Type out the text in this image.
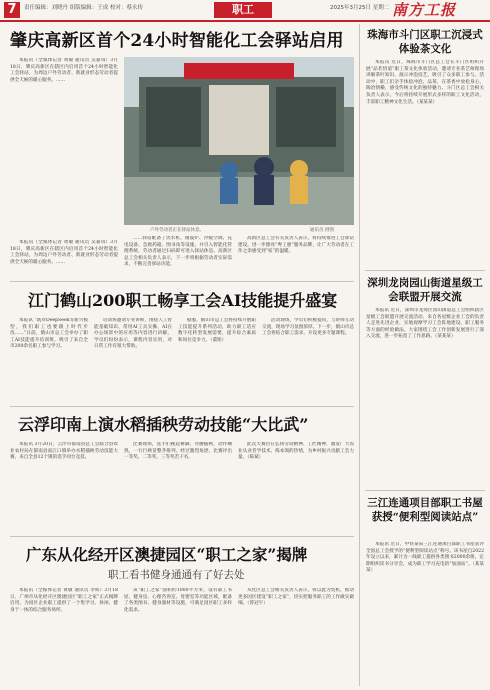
7	责任编辑：刘晓丹 组版编辑：王成 校对：蔡永传	职工	2025年3月25日 星期二 南方工报
肇庆高新区首个24小时智能化工会驿站启用

本报讯（全媒体记者 黄敏 通讯员 吴嘉琪）3月18日，肇庆高新区在辖区内启用首个24小时智能化工会驿站，为周边户外劳动者、新就业形态劳动者提供全天候的暖心服务。……

户外劳动者正在驿站休息。	通讯员 供图

……驿站配备了饮水机、微波炉、冷暖空调、充电设备、急救药箱、图书角等设施，并引入智能化管理系统，劳动者通过扫码即可进入驿站休息。高新区总工会相关负责人表示，下一步将根据劳动者实际需求，不断完善驿站功能。

高新区总工会有关负责人表示，将持续推进工会驿站建设，进一步擦亮“粤工惠”服务品牌，让广大劳动者在工作之余感受到“家”的温暖。

本报讯（全媒体记者 黄敏 通讯员 吴嘉琪）3月18日，肇庆高新区在辖区内启用首个24小时智能化工会驿站，为周边户外劳动者、新就业形态劳动者提供全天候的暖心服务。……

江门鹤山200职工畅享工会AI技能提升盛宴

本报讯 “既对DeepSeek等新兴模型，我们职工也要跟上时代步伐……”日前，鹤山市总工会举办了职工AI技能提升培训班，吸引了来自全市200余名职工参与学习。

培训班邀请专业讲师，围绕人工智能基础知识、常用AI工具实操、AI在办公场景中的应用等内容进行讲解。学员们纷纷表示，课程内容实用，对日常工作有很大帮助。

据悉，鹤山市总工会将持续开展职工技能提升系列活动，助力职工适应数字化转型发展需要，提升综合素质和岗位竞争力。（董铭）

活动现场，学员们积极提问，与讲师互动交流，现场学习氛围浓厚。下一步，鹤山市总工会将结合职工需求，开设更多专题课程。

云浮印南上演水稻插秧劳动技能“大比武”

本报讯 3月20日，云浮市郁南县总工会联合县农业农村局在郁南县南江口镇举办水稻插秧劳动技能大赛，来自全县12个镇的选手同台竞技。

比赛现场，选手们挽起裤脚，弯腰插秧，动作娴熟，一行行秧苗整齐排列。经过激烈角逐，比赛评出一等奖、二等奖、三等奖若干名。

此次大赛旨在弘扬劳动精神、工匠精神，激发广大农业从业者学技术、练本领的热情，为乡村振兴贡献工会力量。（陈斌）

广东从化经开区澳捷园区“职工之家”揭牌
职工看书健身通通有了好去处

本报讯（全媒体记者 黄敏 通讯员 李辉）3月18日，广州市从化经开区澳捷园区“职工之家”正式揭牌启用，为园区企业职工提供了一个集学习、休闲、健身于一体的综合服务场所。

该“职工之家”面积约1000平方米，设有职工书屋、健身房、心理咨询室、母婴室等功能区域，配备了各类图书、健身器材等设施，可满足园区职工多样化需求。

从化区总工会相关负责人表示，将以此为契机，推动更多园区建设“职工之家”，切实把服务职工的工作做实做细。（曾冠宇）

珠海市斗门区职工沉浸式体验茶文化

本报讯 近日，珠海市斗门区总工会在斗门区组织开展“品茗悟道”职工茶文化体验活动，邀请专业茶艺师现场讲解茶叶知识、演示冲泡技艺，吸引了众多职工参与。活动中，职工们亲手体验冲泡、品茶，在茶香中放松身心、陶冶情操，感受传统文化的独特魅力。斗门区总工会相关负责人表示，今后将持续开展形式多样的职工文化活动，丰富职工精神文化生活。（某某某）

深圳龙岗园山街道星级工会联盟开展交流

本报讯 近日，深圳市龙岗区园山街道总工会组织辖区星级工会联盟开展交流活动，来自各星级企业工会的负责人走进先进企业，实地观摩学习工会阵地建设、职工服务等方面的经验做法。大家围绕工会工作创新发展进行了深入交流，进一步拓宽了工作思路。（某某某）

三江连通项目部职工书屋获授“便利型阅读站点”

本报讯 近日，中铁某局三江连通项目部职工书屋获评全国总工会授予的“便利型阅读站点”称号。该书屋自2022年设立以来，累计为一线职工提供各类图书2000余册，定期组织读书分享会，成为职工学习充电的“加油站”。（某某某）
